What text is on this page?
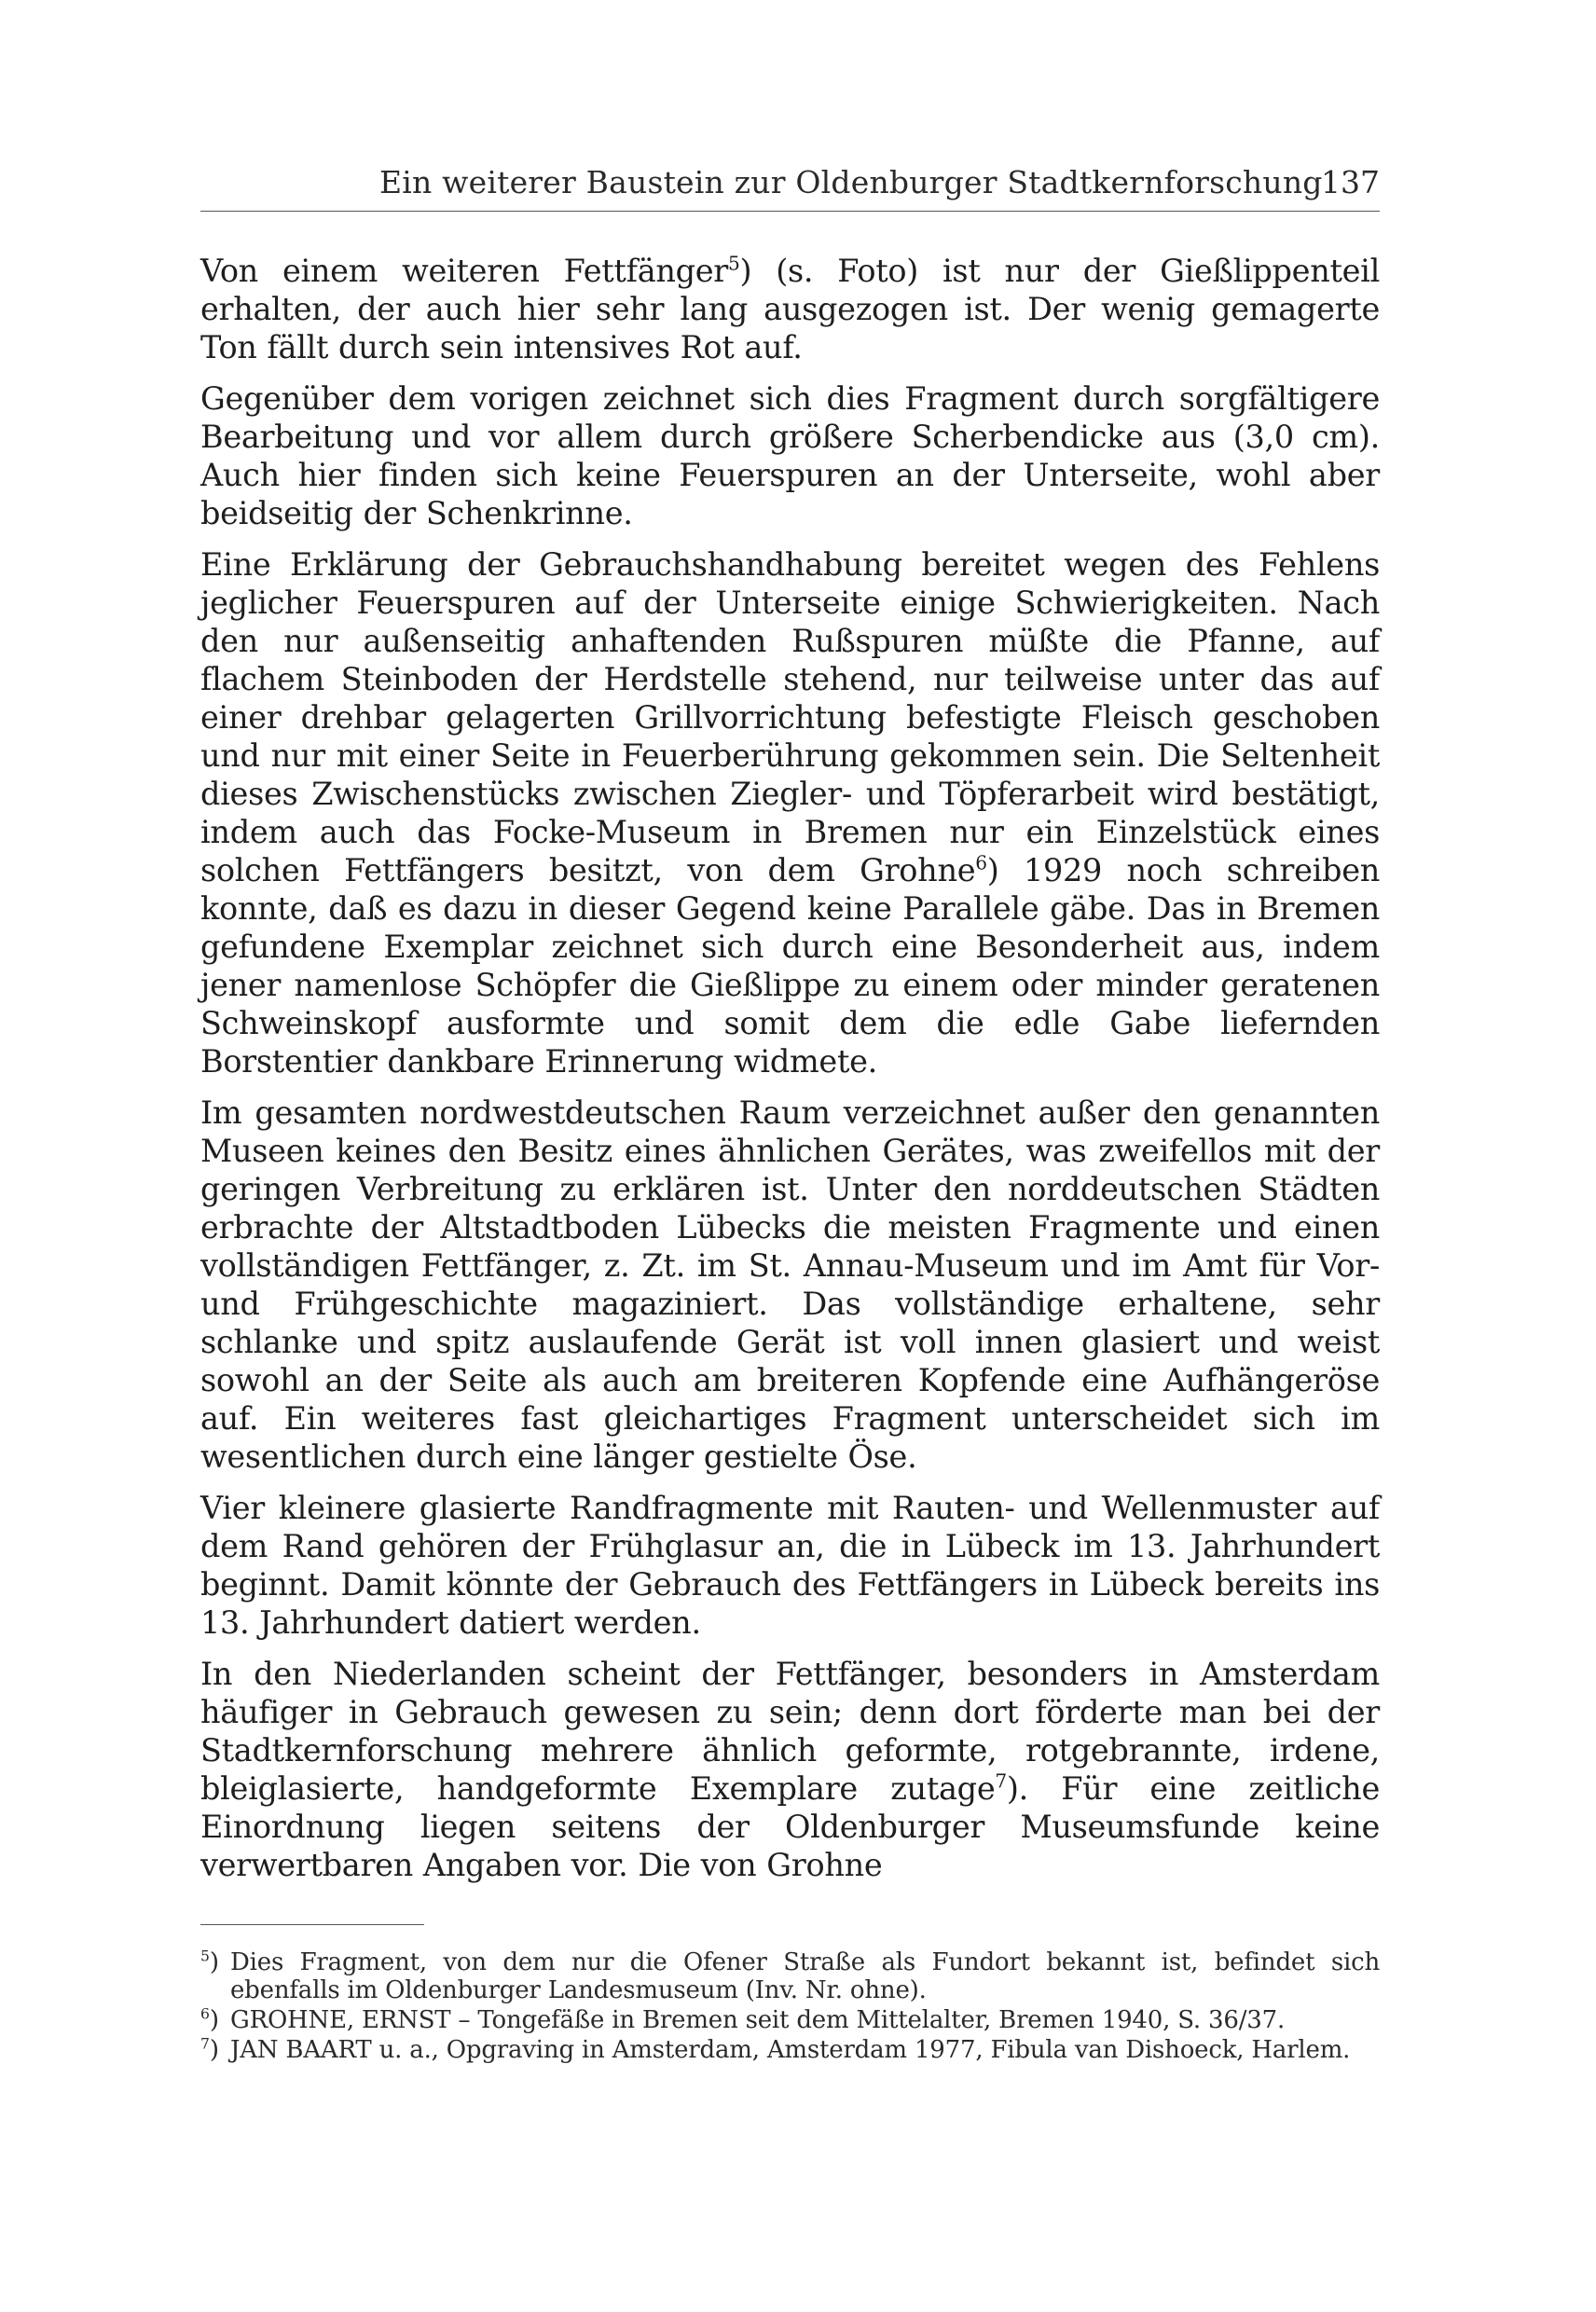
Ein weiterer Baustein zur Oldenburger Stadtkernforschung
137

Von einem weiteren Fettfänger$^5$) (s. Foto) ist nur der Gießlippenteil erhalten, der auch hier sehr lang ausgezogen ist. Der wenig gemagerte Ton fällt durch sein intensives Rot auf.

Gegenüber dem vorigen zeichnet sich dies Fragment durch sorgfältigere Bearbeitung und vor allem durch größere Scherbendicke aus (3,0 cm). Auch hier finden sich keine Feuerspuren an der Unterseite, wohl aber beidseitig der Schenkrinne.

Eine Erklärung der Gebrauchshandhabung bereitet wegen des Fehlens jeglicher Feuerspuren auf der Unterseite einige Schwierigkeiten. Nach den nur außenseitig anhaftenden Rußspuren müßte die Pfanne, auf flachem Steinboden der Herdstelle stehend, nur teilweise unter das auf einer drehbar gelagerten Grillvorrichtung befestigte Fleisch geschoben und nur mit einer Seite in Feuerberührung gekommen sein. Die Seltenheit dieses Zwischenstücks zwischen Ziegler- und Töpferarbeit wird bestätigt, indem auch das Focke-Museum in Bremen nur ein Einzelstück eines solchen Fettfängers besitzt, von dem Grohne$^6$) 1929 noch schreiben konnte, daß es dazu in dieser Gegend keine Parallele gäbe. Das in Bremen gefundene Exemplar zeichnet sich durch eine Besonderheit aus, indem jener namenlose Schöpfer die Gießlippe zu einem oder minder geratenen Schweinskopf ausformte und somit dem die edle Gabe liefernden Borstentier dankbare Erinnerung widmete.

Im gesamten nordwestdeutschen Raum verzeichnet außer den genannten Museen keines den Besitz eines ähnlichen Gerätes, was zweifellos mit der geringen Verbreitung zu erklären ist. Unter den norddeutschen Städten erbrachte der Altstadtboden Lübecks die meisten Fragmente und einen vollständigen Fettfänger, z. Zt. im St. Annau-Museum und im Amt für Vor- und Frühgeschichte magaziniert. Das vollständige erhaltene, sehr schlanke und spitz auslaufende Gerät ist voll innen glasiert und weist sowohl an der Seite als auch am breiteren Kopfende eine Aufhängeröse auf. Ein weiteres fast gleichartiges Fragment unterscheidet sich im wesentlichen durch eine länger gestielte Öse.

Vier kleinere glasierte Randfragmente mit Rauten- und Wellenmuster auf dem Rand gehören der Frühglasur an, die in Lübeck im 13. Jahrhundert beginnt. Damit könnte der Gebrauch des Fettfängers in Lübeck bereits ins 13. Jahrhundert datiert werden.

In den Niederlanden scheint der Fettfänger, besonders in Amsterdam häufiger in Gebrauch gewesen zu sein; denn dort förderte man bei der Stadtkernforschung mehrere ähnlich geformte, rotgebrannte, irdene, bleiglasierte, handgeformte Exemplare zutage$^7$). Für eine zeitliche Einordnung liegen seitens der Oldenburger Museumsfunde keine verwertbaren Angaben vor. Die von Grohne

$^5$) Dies Fragment, von dem nur die Ofener Straße als Fundort bekannt ist, befindet sich ebenfalls im Oldenburger Landesmuseum (Inv. Nr. ohne).
$^6$) GROHNE, ERNST – Tongefäße in Bremen seit dem Mittelalter, Bremen 1940, S. 36/37.
$^7$) JAN BAART u. a., Opgraving in Amsterdam, Amsterdam 1977, Fibula van Dishoeck, Harlem.
